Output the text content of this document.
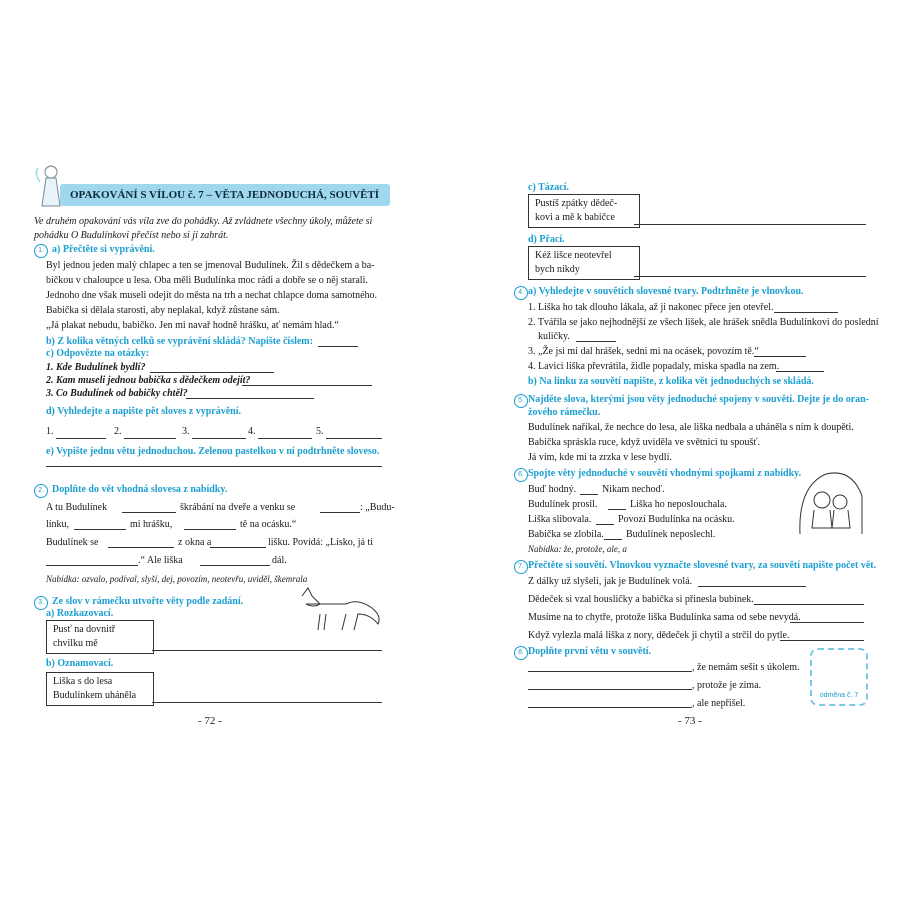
OPAKOVÁNÍ S VÍLOU č. 7 – VĚTA JEDNODUCHÁ, SOUVĚTÍ
Ve druhém opakování vás víla zve do pohádky. Až zvládnete všechny úkoly, můžete si
pohádku O Budulínkovi přečíst nebo si ji zahrát.
1. a) Přečtěte si vyprávění.
Byl jednou jeden malý chlapec a ten se jmenoval Budulínek. Žil s dědečkem a ba-
bičkou v chaloupce u lesa. Oba měli Budulínka moc rádi a dobře se o něj starali.
Jednoho dne však museli odejít do města na trh a nechat chlapce doma samotného.
Babička si dělala starosti, aby neplakal, když zůstane sám.
„Já plakat nebudu, babičko. Jen mi navař hodně hrášku, ať nemám hlad.“
b) Z kolika větných celků se vyprávění skládá? Napište číslem:
c) Odpovězte na otázky:
1. Kde Budulínek bydlí?
2. Kam museli jednou babička s dědečkem odejít?
3. Co Budulínek od babičky chtěl?
d) Vyhledejte a napište pět sloves z vyprávění.
1.	2.	3.	4.	5.
e) Vypište jednu větu jednoduchou. Zelenou pastelkou v ní podtrhněte sloveso.
2. Doplňte do vět vhodná slovesa z nabídky.
A tu Budulínek	škrábání na dveře a venku se	: „Budu-
línku,	mi hrášku,	tě na ocásku.“
Budulínek se	z okna a	lišku. Povídá: „Lísko, já ti
.“ Ale liška	dál.
Nabídka: ozvalo, podíval, slyší, dej, povozím, neotevřu, uviděl, škemrala
3. Ze slov v rámečku utvořte věty podle zadání.
a) Rozkazovací.
Pusť na dovnitř
chvilku mě
b) Oznamovací.
Liška s do lesa
Budulínkem uháněla
- 72 -
c) Tázací.
Pustíš zpátky dědeč-
kovi a mě k babičce
d) Přací.
Kéž lišce neotevřel
bych nikdy
4. a) Vyhledejte v souvětích slovesné tvary. Podtrhněte je vlnovkou.
1. Liška ho tak dlouho lákala, až ji nakonec přece jen otevřel.
2. Tvářila se jako nejhodnější ze všech lišek, ale hrášek snědla Budulínkovi do poslední
kuličky.
3. „Že jsi mi dal hrášek, sedni mi na ocásek, povozím tě.“
4. Lavici liška převrátila, židle popadaly, miska spadla na zem.
b) Na linku za souvětí napište, z kolika vět jednoduchých se skládá.
5. Najděte slova, kterými jsou věty jednoduché spojeny v souvětí. Dejte je do oran-
žového rámečku.
Budulínek naříkal, že nechce do lesa, ale liška nedbala a uháněla s ním k doupěti.
Babička spráskla ruce, když uviděla ve světnici tu spoušť.
Já vím, kde mi ta zrzka v lese bydlí.
6. Spojte věty jednoduché v souvětí vhodnými spojkami z nabídky.
Buď hodný.	Nikam nechoď.
Budulínek prosil.	Liška ho neposlouchala.
Liška slibovala.	Povozí Budulínka na ocásku.
Babička se zlobila. Budulínek neposlechl.
Nabídka: že, protože, ale, a
7. Přečtěte si souvětí. Vlnovkou vyznačte slovesné tvary, za souvětí napište počet vět.
Z dálky už slyšeli, jak je Budulínek volá.
Dědeček si vzal housličky a babička si přinesla bubínek.
Musíme na to chytře, protože liška Budulínka sama od sebe nevydá.
Když vylezla malá liška z nory, dědeček ji chytil a strčil do pytle.
8. Doplňte první větu v souvětí.
, že nemám sešit s úkolem.
, protože je zima.
, ale nepřišel.
odměna č. 7
- 73 -
